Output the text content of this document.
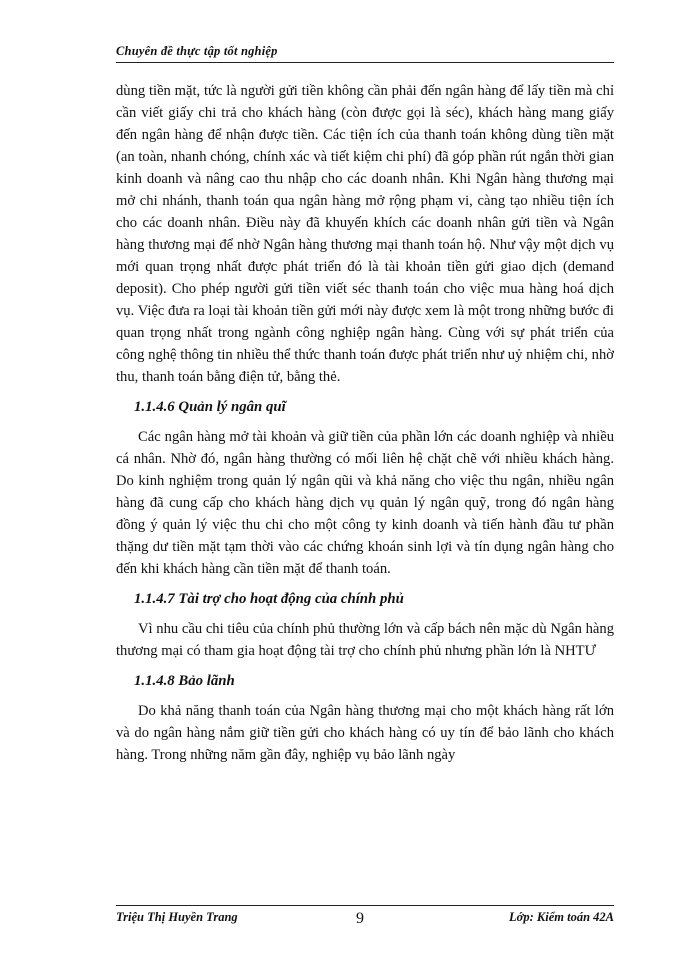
Chuyên đề thực tập tốt nghiệp

dùng tiền mặt, tức là người gửi tiền không cần phải đến ngân hàng để lấy tiền mà chỉ cần viết giấy chi trả cho khách hàng (còn được gọi là séc), khách hàng mang giấy đến ngân hàng để nhận được tiền. Các tiện ích của thanh toán không dùng tiền mặt (an toàn, nhanh chóng, chính xác và tiết kiệm chi phí) đã góp phần rút ngắn thời gian kinh doanh và nâng cao thu nhập cho các doanh nhân. Khi Ngân hàng thương mại mở chi nhánh, thanh toán qua ngân hàng mở rộng phạm vi, càng tạo nhiều tiện ích cho các doanh nhân. Điều này đã khuyến khích các doanh nhân gửi tiền và Ngân hàng thương mại để nhờ Ngân hàng thương mại thanh toán hộ. Như vậy một dịch vụ mới quan trọng nhất được phát triển đó là tài khoản tiền gửi giao dịch (demand deposit). Cho phép người gửi tiền viết séc thanh toán cho việc mua hàng hoá dịch vụ. Việc đưa ra loại tài khoản tiền gửi mới này được xem là một trong những bước đi quan trọng nhất trong ngành công nghiệp ngân hàng. Cùng với sự phát triển của công nghệ thông tin nhiều thể thức thanh toán được phát triển như uỷ nhiệm chi, nhờ thu, thanh toán bằng điện tử, bằng thẻ.

1.1.4.6 Quản lý ngân quĩ

Các ngân hàng mở tài khoản và giữ tiền của phần lớn các doanh nghiệp và nhiều cá nhân. Nhờ đó, ngân hàng thường có mối liên hệ chặt chẽ với nhiều khách hàng. Do kinh nghiệm trong quản lý ngân qũi và khả năng cho việc thu ngân, nhiều ngân hàng đã cung cấp cho khách hàng dịch vụ quản lý ngân quỹ, trong đó ngân hàng đồng ý quản lý việc thu chi cho một công ty kinh doanh và tiến hành đầu tư phần thặng dư tiền mặt tạm thời vào các chứng khoán sinh lợi và tín dụng ngân hàng cho đến khi khách hàng cần tiền mặt để thanh toán.

1.1.4.7 Tài trợ cho hoạt động của chính phủ

Vì nhu cầu chi tiêu của chính phủ thường lớn và cấp bách nên mặc dù Ngân hàng thương mại có tham gia hoạt động tài trợ cho chính phủ nhưng phần lớn là NHTƯ

1.1.4.8 Bảo lãnh

Do khả năng thanh toán của Ngân hàng thương mại cho một khách hàng rất lớn và do ngân hàng nắm giữ tiền gửi cho khách hàng có uy tín để bảo lãnh cho khách hàng. Trong những năm gần đây, nghiệp vụ bảo lãnh ngày

Triệu Thị Huyền Trang	9	Lớp: Kiểm toán 42A
